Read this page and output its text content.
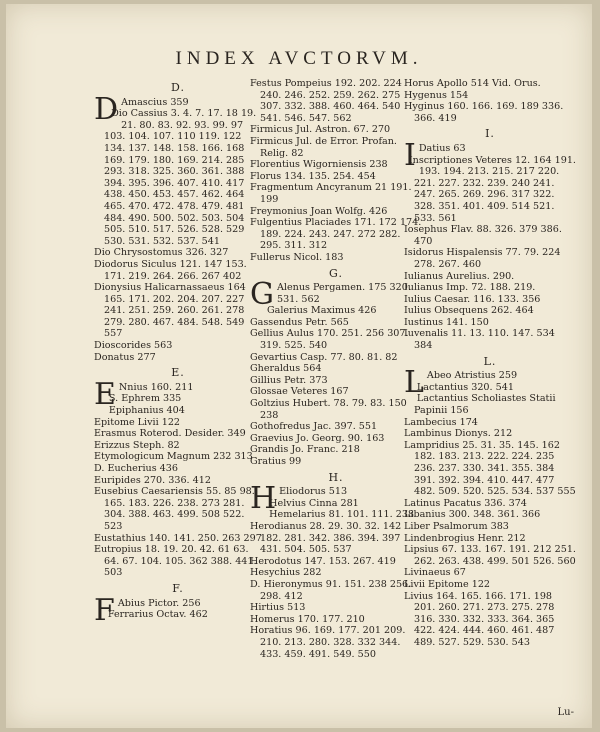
INDEX AVCTORVM.
D.
D Amascius 359
Dio Cassius 3. 4. 7. 17. 18 19. 21. 80. 83. 92. 93. 99. 97 103. 104. 107. 110 119. 122 134. 137. 148. 158. 166. 168 169. 179. 180. 169. 214. 285 293. 318. 325. 360. 361. 388 394. 395. 396. 407. 410. 417 438. 450. 453. 457. 462. 464 465. 470. 472. 478. 479. 481 484. 490. 500. 502. 503. 504 505. 510. 517. 526. 528. 529 530. 531. 532. 537. 541
Dio Chrysostomus 326. 327
Diodorus Siculus 121. 147 153. 171. 219. 264. 266. 267 402
Dionysius Halicarnassaeus 164 165. 171. 202. 204. 207. 227 241. 251. 259. 260. 261. 278 279. 280. 467. 484. 548. 549 557
Dioscorides 563
Donatus 277
E.
E Nnius 160. 211
S. Ephrem 335
Epiphanius 404
Epitome Livii 122
Erasmus Roterod. Desider. 349
Erizzus Steph. 82
Etymologicum Magnum 232 313
D. Eucherius 436
Euripides 270. 336. 412
Eusebius Caesariensis 55. 85 98. 165. 183. 226. 238. 273 281. 304. 388. 463. 499. 508 522. 523
Eustathius 140. 141. 250. 263 297
Eutropius 18. 19. 20. 42. 61 63. 64. 67. 104. 105. 362 388. 441. 503
F.
F Abius Pictor. 256
Ferrarius Octav. 462
Festus Pompeius 192. 202. 224 240. 246. 252. 259. 262. 275 307. 332. 388. 460. 464. 540 541. 546. 547. 562
Firmicus Jul. Astron. 67. 270
Firmicus Jul. de Error. Profan. Relig. 82
Florentius Wigorniensis 238
Florus 134. 135. 254. 454
Fragmentum Ancyranum 21 191. 199
Freymonius Joan Wolfg. 426
Fulgentius Placiades 171. 172 174. 189. 224. 243. 247. 272 282. 295. 311. 312
Fullerus Nicol. 183
G.
G Alenus Pergamen. 175 320. 531. 562
Galerius Maximus 426
Gassendus Petr. 565
Gellius Aulus 170. 251. 256 307. 319. 525. 540
Gevartius Casp. 77. 80. 81. 82
Gheraldus 564
Gillius Petr. 373
Glossae Veteres 167
Goltzius Hubert. 78. 79. 83. 150 238
Gothofredus Jac. 397. 551
Graevius Jo. Georg. 90. 163
Grandis Jo. Franc. 218
Gratius 99
H.
H Eliodorus 513
Helvius Cinna 281
Hemelarius 81. 101. 111. 238
Herodianus 28. 29. 30. 32. 142 182. 281. 342. 386. 394. 397 431. 504. 505. 537
Herodotus 147. 153. 267. 419
Hesychius 282
D. Hieronymus 91. 151. 238 256. 298. 412
Hirtius 513
Homerus 170. 177. 210
Horatius 96. 169. 177. 201 209. 210. 213. 280. 328. 332 344. 433. 459. 491. 549. 550
Horus Apollo 514 Vid. Orus.
Hygenus 154
Hyginus 160. 166. 169. 189 336. 366. 419
I.
I Datius 63
Inscriptiones Veteres 12. 164 191. 193. 194. 213. 215. 217 220. 221. 227. 232. 239. 240 241. 247. 265. 269. 296. 317 322. 328. 351. 401. 409. 514 521. 533. 561
Iosephus Flav. 88. 326. 379 386. 470
Isidorus Hispalensis 77. 79. 224 278. 267. 460
Iulianus Aurelius. 290.
Iulianus Imp. 72. 188. 219.
Iulius Caesar. 116. 133. 356
Iulius Obsequens 262. 464
Iustinus 141. 150
Iuvenalis 11. 13. 110. 147. 534 384
L.
L Abeo Atristius 259
Lactantius 320. 541
Lactantius Scholiastes Statii Papinii 156
Lambecius 174
Lambinus Dionys. 212
Lampridius 25. 31. 35. 145. 162 182. 183. 213. 222. 224. 235 236. 237. 330. 341. 355. 384 391. 392. 394. 410. 447. 477 482. 509. 520. 525. 534. 537 555
Latinus Pacatus 336. 374
Libanius 300. 348. 361. 366
Liber Psalmorum 383
Lindenbrogius Henr. 212
Lipsius 67. 133. 167. 191. 212 251. 262. 263. 438. 499. 501 526. 560
Livinaeus 67
Livii Epitome 122
Livius 164. 165. 166. 171. 198 201. 260. 271. 273. 275. 278 316. 330. 332. 333. 364. 365 422. 424. 444. 460. 461. 487 489. 527. 529. 530. 543
Lu-
